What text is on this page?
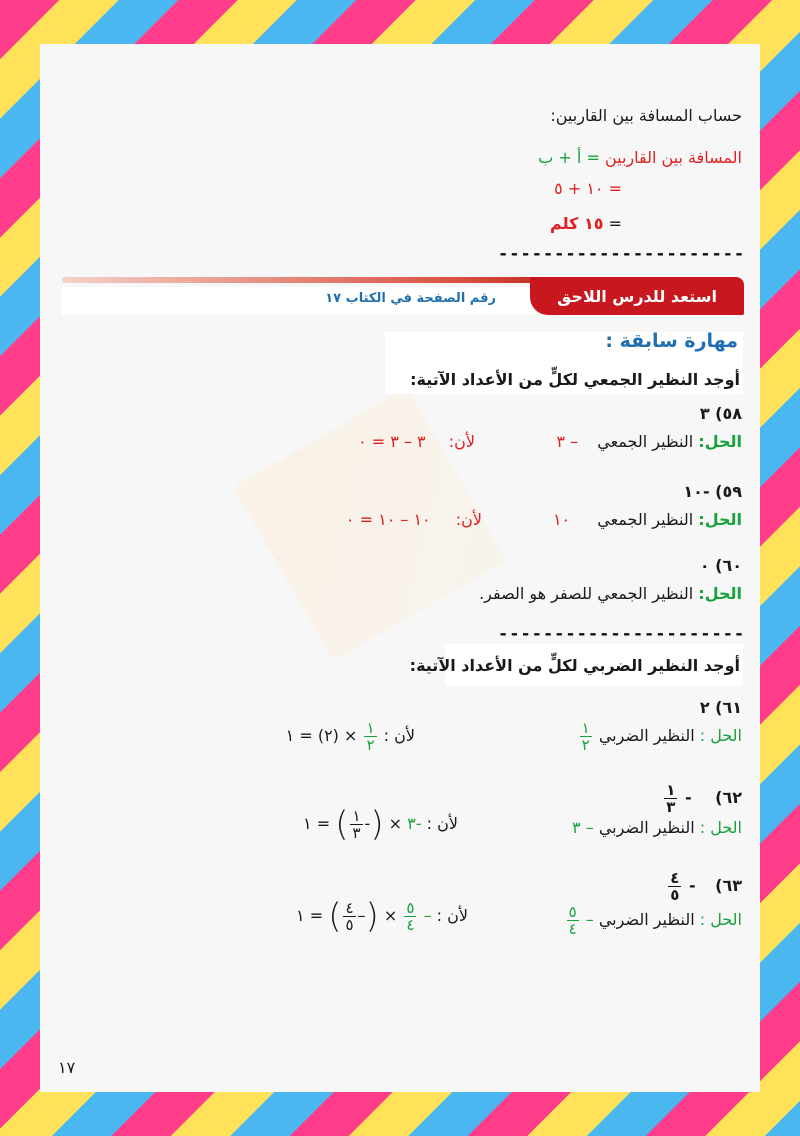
حساب المسافة بين القاربين:
المسافة بين القاربين = أ + ب
= ١٠ + ٥
= ١٥ كلم
----------------------
استعد للدرس اللاحق
رقم الصفحة في الكتاب ١٧
مهارة سابقة :
أوجد النظير الجمعي لكلٍّ من الأعداد الآتية:
٥٨) ٣
الحل: النظير الجمعي – ٣
لأن: ٣ – ٣ = ٠
٥٩) -١٠
الحل: النظير الجمعي ١٠
لأن: ١٠ – ١٠ = ٠
٦٠) ٠
الحل: النظير الجمعي للصفر هو الصفر.
----------------------
أوجد النظير الضربي لكلٍّ من الأعداد الآتية:
٦١) ٢
الحل : النظير الضربي
$\frac{١}{٢}$
لأن :
$\frac{١}{٢}$
× (٢) = ١
٦٢) -
$\frac{١}{٣}$
الحل : النظير الضربي – ٣
لأن : -٣ × (-
$\frac{١}{٣}$
) = ١
٦٣) -
$\frac{٤}{٥}$
الحل : النظير الضربي –
$\frac{٥}{٤}$
لأن : –
$\frac{٥}{٤}$
× (–
$\frac{٤}{٥}$
) = ١
١٧
